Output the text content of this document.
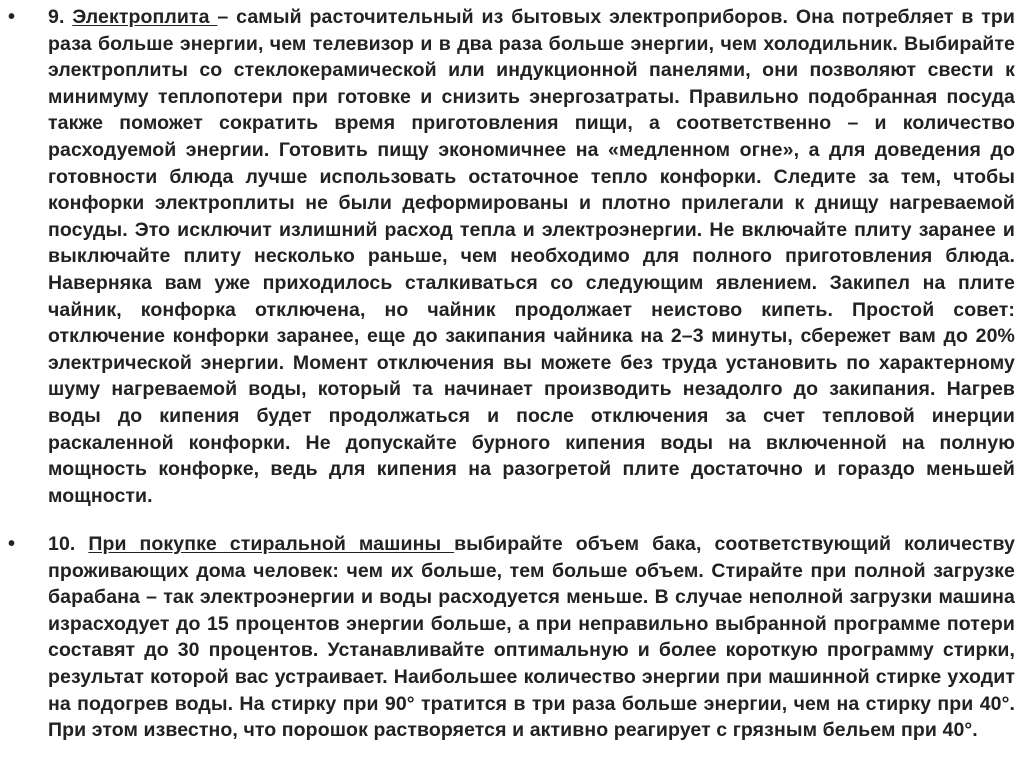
• 9. Электроплита – самый расточительный из бытовых электроприборов. Она потребляет в три раза больше энергии, чем телевизор и в два раза больше энергии, чем холодильник. Выбирайте электроплиты со стеклокерамической или индукционной панелями, они позволяют свести к минимуму теплопотери при готовке и снизить энергозатраты. Правильно подобранная посуда также поможет сократить время приготовления пищи, а соответственно – и количество расходуемой энергии. Готовить пищу экономичнее на «медленном огне», а для доведения до готовности блюда лучше использовать остаточное тепло конфорки. Следите за тем, чтобы конфорки электроплиты не были деформированы и плотно прилегали к днищу нагреваемой посуды. Это исключит излишний расход тепла и электроэнергии. Не включайте плиту заранее и выключайте плиту несколько раньше, чем необходимо для полного приготовления блюда. Наверняка вам уже приходилось сталкиваться со следующим явлением. Закипел на плите чайник, конфорка отключена, но чайник продолжает неистово кипеть. Простой совет: отключение конфорки заранее, еще до закипания чайника на 2–3 минуты, сбережет вам до 20% электрической энергии. Момент отключения вы можете без труда установить по характерному шуму нагреваемой воды, который та начинает производить незадолго до закипания. Нагрев воды до кипения будет продолжаться и после отключения за счет тепловой инерции раскаленной конфорки. Не допускайте бурного кипения воды на включенной на полную мощность конфорке, ведь для кипения на разогретой плите достаточно и гораздо меньшей мощности.
• 10. При покупке стиральной машины выбирайте объем бака, соответствующий количеству проживающих дома человек: чем их больше, тем больше объем. Стирайте при полной загрузке барабана – так электроэнергии и воды расходуется меньше. В случае неполной загрузки машина израсходует до 15 процентов энергии больше, а при неправильно выбранной программе потери составят до 30 процентов. Устанавливайте оптимальную и более короткую программу стирки, результат которой вас устраивает. Наибольшее количество энергии при машинной стирке уходит на подогрев воды. На стирку при 90° тратится в три раза больше энергии, чем на стирку при 40°. При этом известно, что порошок растворяется и активно реагирует с грязным бельем при 40°.
